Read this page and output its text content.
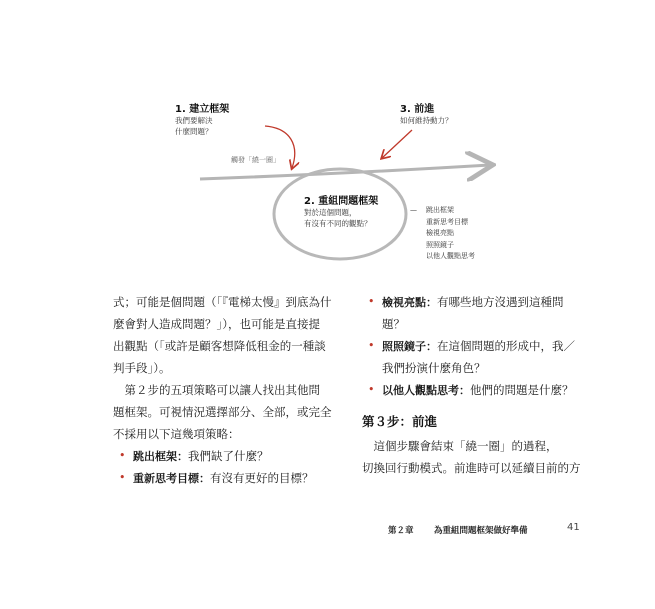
1. 建立框架
我們要解決
什麼問題？
3. 前進
如何維持動力？
觸發「繞一圈」
2. 重組問題框架
對於這個問題，
有沒有不同的觀點？
— 跳出框架
重新思考目標
檢視亮點
照照鏡子
以他人觀點思考
式；可能是個問題（「『電梯太慢』到底為什
麼會對人造成問題？」），也可能是直接提
出觀點（「或許是顧客想降低租金的一種談
判手段」）。
　第２步的五項策略可以讓人找出其他問
題框架。可視情況選擇部分、全部，或完全
不採用以下這幾項策略：
• 跳出框架：我們缺了什麼？
• 重新思考目標：有沒有更好的目標？
• 檢視亮點：有哪些地方沒遇到這種問
題？
• 照照鏡子：在這個問題的形成中，我／
我們扮演什麼角色？
• 以他人觀點思考：他們的問題是什麼？
第３步：前進
　這個步驟會結束「繞一圈」的過程，
切換回行動模式。前進時可以延續目前的方
第２章 為重組問題框架做好準備	41
